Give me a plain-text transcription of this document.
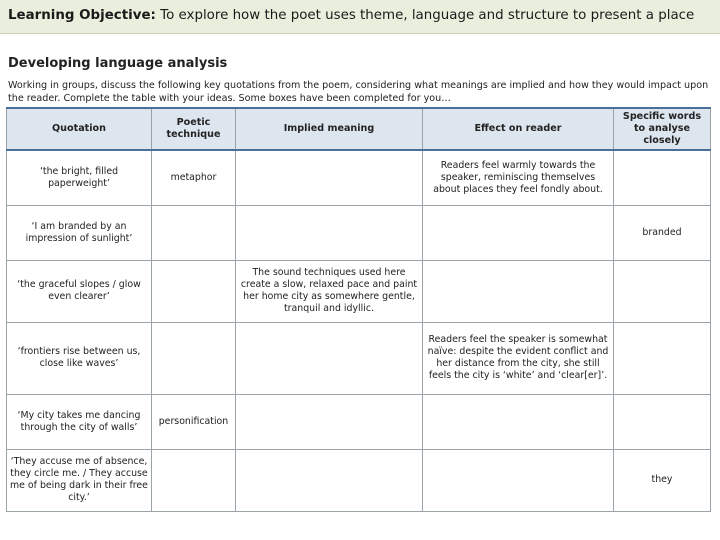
Learning Objective: To explore how the poet uses theme, language and structure to present a place
Developing language analysis
Working in groups, discuss the following key quotations from the poem, considering what meanings are implied and how they would impact upon the reader. Complete the table with your ideas. Some boxes have been completed for you…
Quotation	Poetic technique	Implied meaning	Effect on reader	Specific words to analyse closely
‘the bright, filled paperweight’	metaphor		Readers feel warmly towards the speaker, reminiscing themselves about places they feel fondly about.	
‘I am branded by an impression of sunlight’				branded
‘the graceful slopes / glow even clearer’		The sound techniques used here create a slow, relaxed pace and paint her home city as somewhere gentle, tranquil and idyllic.		
‘frontiers rise between us, close like waves’			Readers feel the speaker is somewhat naïve: despite the evident conflict and her distance from the city, she still feels the city is ‘white’ and ‘clear[er]’.	
‘My city takes me dancing through the city of walls’	personification			
‘They accuse me of absence, they circle me. / They accuse me of being dark in their free city.’				they
